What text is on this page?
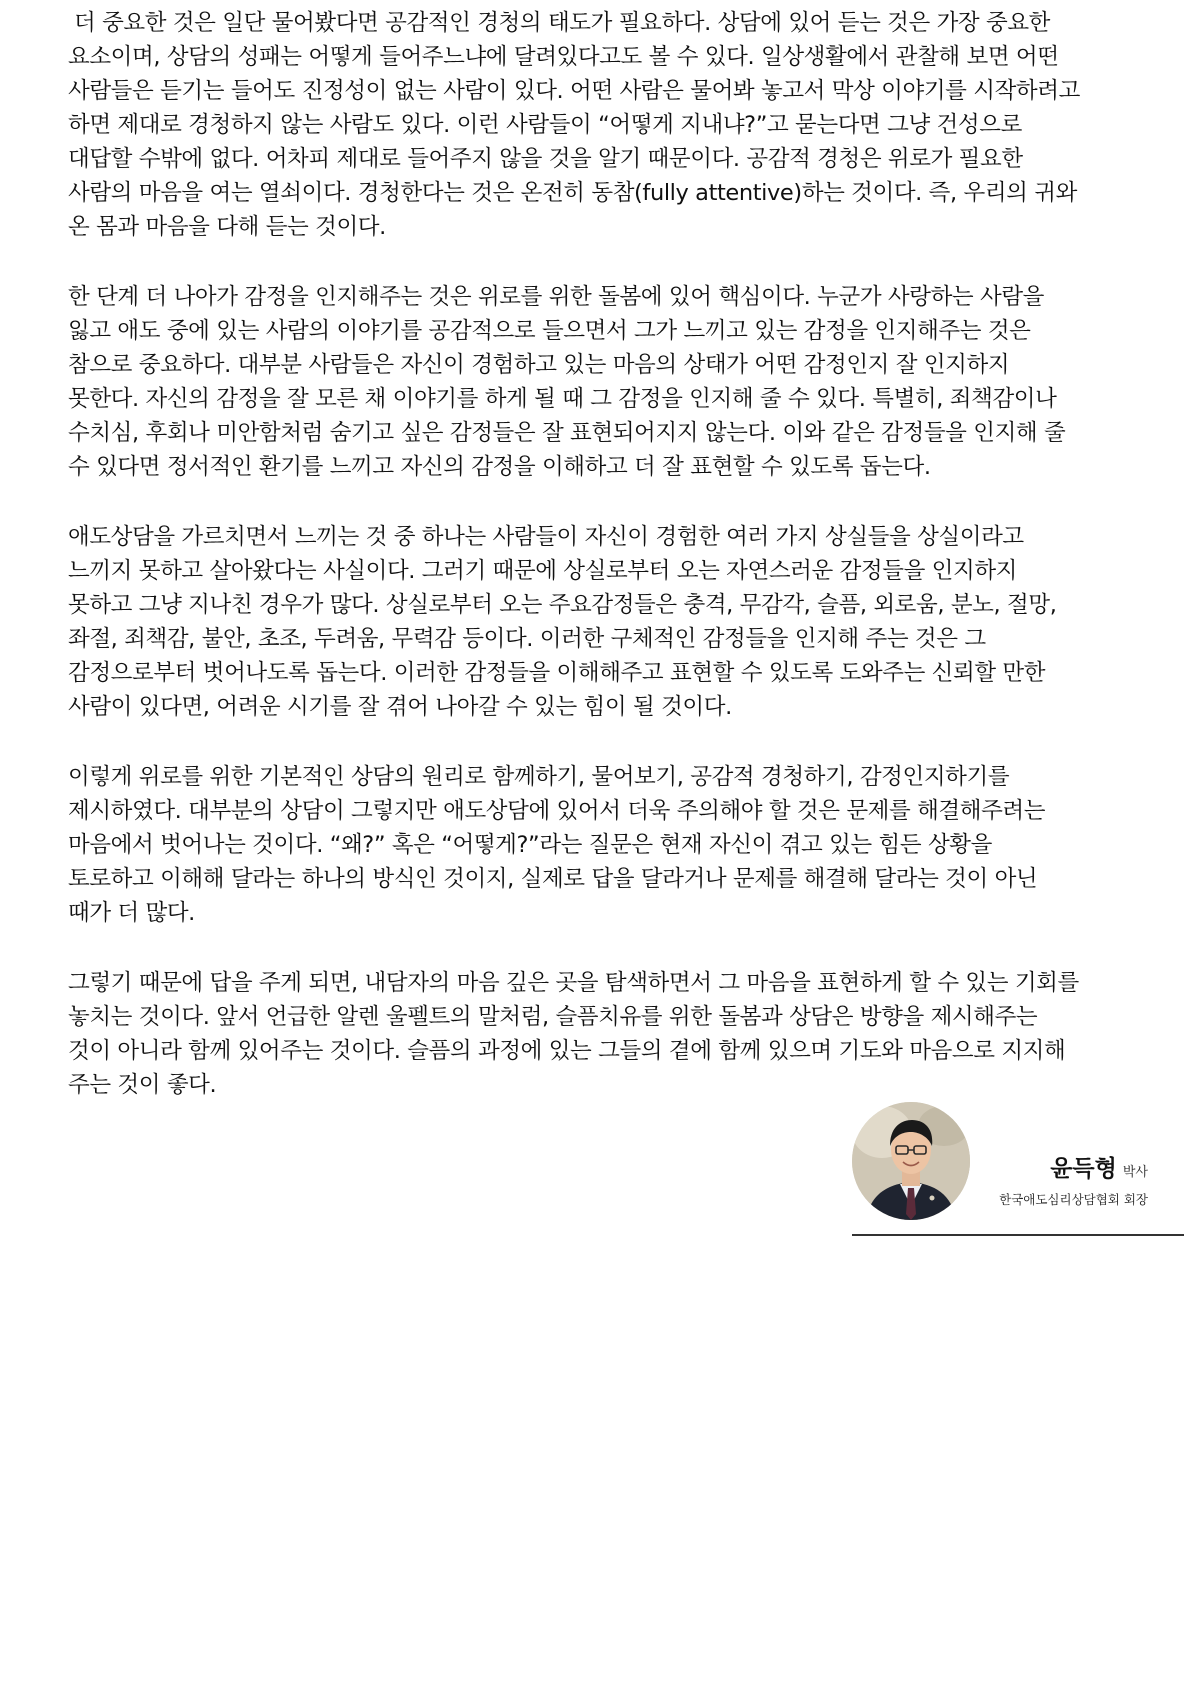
더 중요한 것은 일단 물어봤다면 공감적인 경청의 태도가 필요하다. 상담에 있어 듣는 것은 가장 중요한 요소이며, 상담의 성패는 어떻게 들어주느냐에 달려있다고도 볼 수 있다. 일상생활에서 관찰해 보면 어떤 사람들은 듣기는 들어도 진정성이 없는 사람이 있다. 어떤 사람은 물어봐 놓고서 막상 이야기를 시작하려고 하면 제대로 경청하지 않는 사람도 있다. 이런 사람들이 “어떻게 지내냐?”고 묻는다면 그냥 건성으로 대답할 수밖에 없다. 어차피 제대로 들어주지 않을 것을 알기 때문이다. 공감적 경청은 위로가 필요한 사람의 마음을 여는 열쇠이다. 경청한다는 것은 온전히 동참(fully attentive)하는 것이다. 즉, 우리의 귀와 온 몸과 마음을 다해 듣는 것이다.

한 단계 더 나아가 감정을 인지해주는 것은 위로를 위한 돌봄에 있어 핵심이다. 누군가 사랑하는 사람을 잃고 애도 중에 있는 사람의 이야기를 공감적으로 들으면서 그가 느끼고 있는 감정을 인지해주는 것은 참으로 중요하다. 대부분 사람들은 자신이 경험하고 있는 마음의 상태가 어떤 감정인지 잘 인지하지 못한다. 자신의 감정을 잘 모른 채 이야기를 하게 될 때 그 감정을 인지해 줄 수 있다. 특별히, 죄책감이나 수치심, 후회나 미안함처럼 숨기고 싶은 감정들은 잘 표현되어지지 않는다. 이와 같은 감정들을 인지해 줄 수 있다면 정서적인 환기를 느끼고 자신의 감정을 이해하고 더 잘 표현할 수 있도록 돕는다.

애도상담을 가르치면서 느끼는 것 중 하나는 사람들이 자신이 경험한 여러 가지 상실들을 상실이라고 느끼지 못하고 살아왔다는 사실이다. 그러기 때문에 상실로부터 오는 자연스러운 감정들을 인지하지 못하고 그냥 지나친 경우가 많다. 상실로부터 오는 주요감정들은 충격, 무감각, 슬픔, 외로움, 분노, 절망, 좌절, 죄책감, 불안, 초조, 두려움, 무력감 등이다. 이러한 구체적인 감정들을 인지해 주는 것은 그 감정으로부터 벗어나도록 돕는다. 이러한 감정들을 이해해주고 표현할 수 있도록 도와주는 신뢰할 만한 사람이 있다면, 어려운 시기를 잘 겪어 나아갈 수 있는 힘이 될 것이다.

이렇게 위로를 위한 기본적인 상담의 원리로 함께하기, 물어보기, 공감적 경청하기, 감정인지하기를 제시하였다. 대부분의 상담이 그렇지만 애도상담에 있어서 더욱 주의해야 할 것은 문제를 해결해주려는 마음에서 벗어나는 것이다. “왜?” 혹은 “어떻게?”라는 질문은 현재 자신이 겪고 있는 힘든 상황을 토로하고 이해해 달라는 하나의 방식인 것이지, 실제로 답을 달라거나 문제를 해결해 달라는 것이 아닌 때가 더 많다.

그렇기 때문에 답을 주게 되면, 내담자의 마음 깊은 곳을 탐색하면서 그 마음을 표현하게 할 수 있는 기회를 놓치는 것이다. 앞서 언급한 알렌 울펠트의 말처럼, 슬픔치유를 위한 돌봄과 상담은 방향을 제시해주는 것이 아니라 함께 있어주는 것이다. 슬픔의 과정에 있는 그들의 곁에 함께 있으며 기도와 마음으로 지지해 주는 것이 좋다.

윤득형 박사
한국애도심리상담협회 회장
